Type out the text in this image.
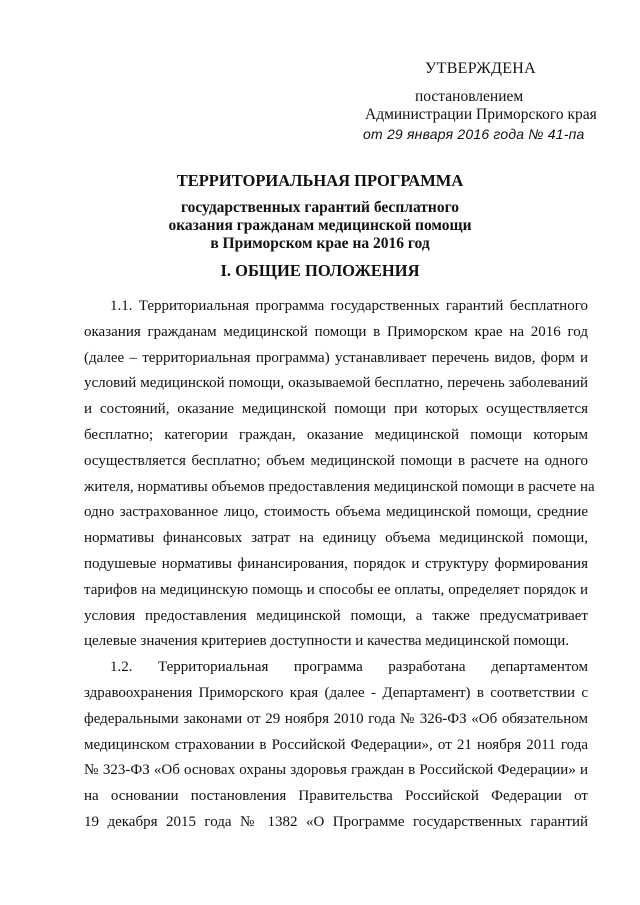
УТВЕРЖДЕНА
постановлением
Администрации Приморского края
от 29 января 2016 года № 41-па
ТЕРРИТОРИАЛЬНАЯ ПРОГРАММА
государственных гарантий бесплатного
оказания гражданам медицинской помощи
в Приморском крае на 2016 год
I. ОБЩИЕ ПОЛОЖЕНИЯ
1.1. Территориальная программа государственных гарантий бесплатного
оказания гражданам медицинской помощи в Приморском крае на 2016 год
(далее – территориальная программа) устанавливает перечень видов, форм и
условий медицинской помощи, оказываемой бесплатно, перечень заболеваний
и состояний, оказание медицинской помощи при которых осуществляется
бесплатно; категории граждан, оказание медицинской помощи которым
осуществляется бесплатно; объем медицинской помощи в расчете на одного
жителя, нормативы объемов предоставления медицинской помощи в расчете на
одно застрахованное лицо, стоимость объема медицинской помощи, средние
нормативы финансовых затрат на единицу объема медицинской помощи,
подушевые нормативы финансирования, порядок и структуру формирования
тарифов на медицинскую помощь и способы ее оплаты, определяет порядок и
условия предоставления медицинской помощи, а также предусматривает
целевые значения критериев доступности и качества медицинской помощи.
1.2. Территориальная программа разработана департаментом
здравоохранения Приморского края (далее - Департамент) в соответствии с
федеральными законами от 29 ноября 2010 года № 326-ФЗ «Об обязательном
медицинском страховании в Российской Федерации», от 21 ноября 2011 года
№ 323-ФЗ «Об основах охраны здоровья граждан в Российской Федерации» и
на основании постановления Правительства Российской Федерации от
19 декабря 2015 года № 1382 «О Программе государственных гарантий
